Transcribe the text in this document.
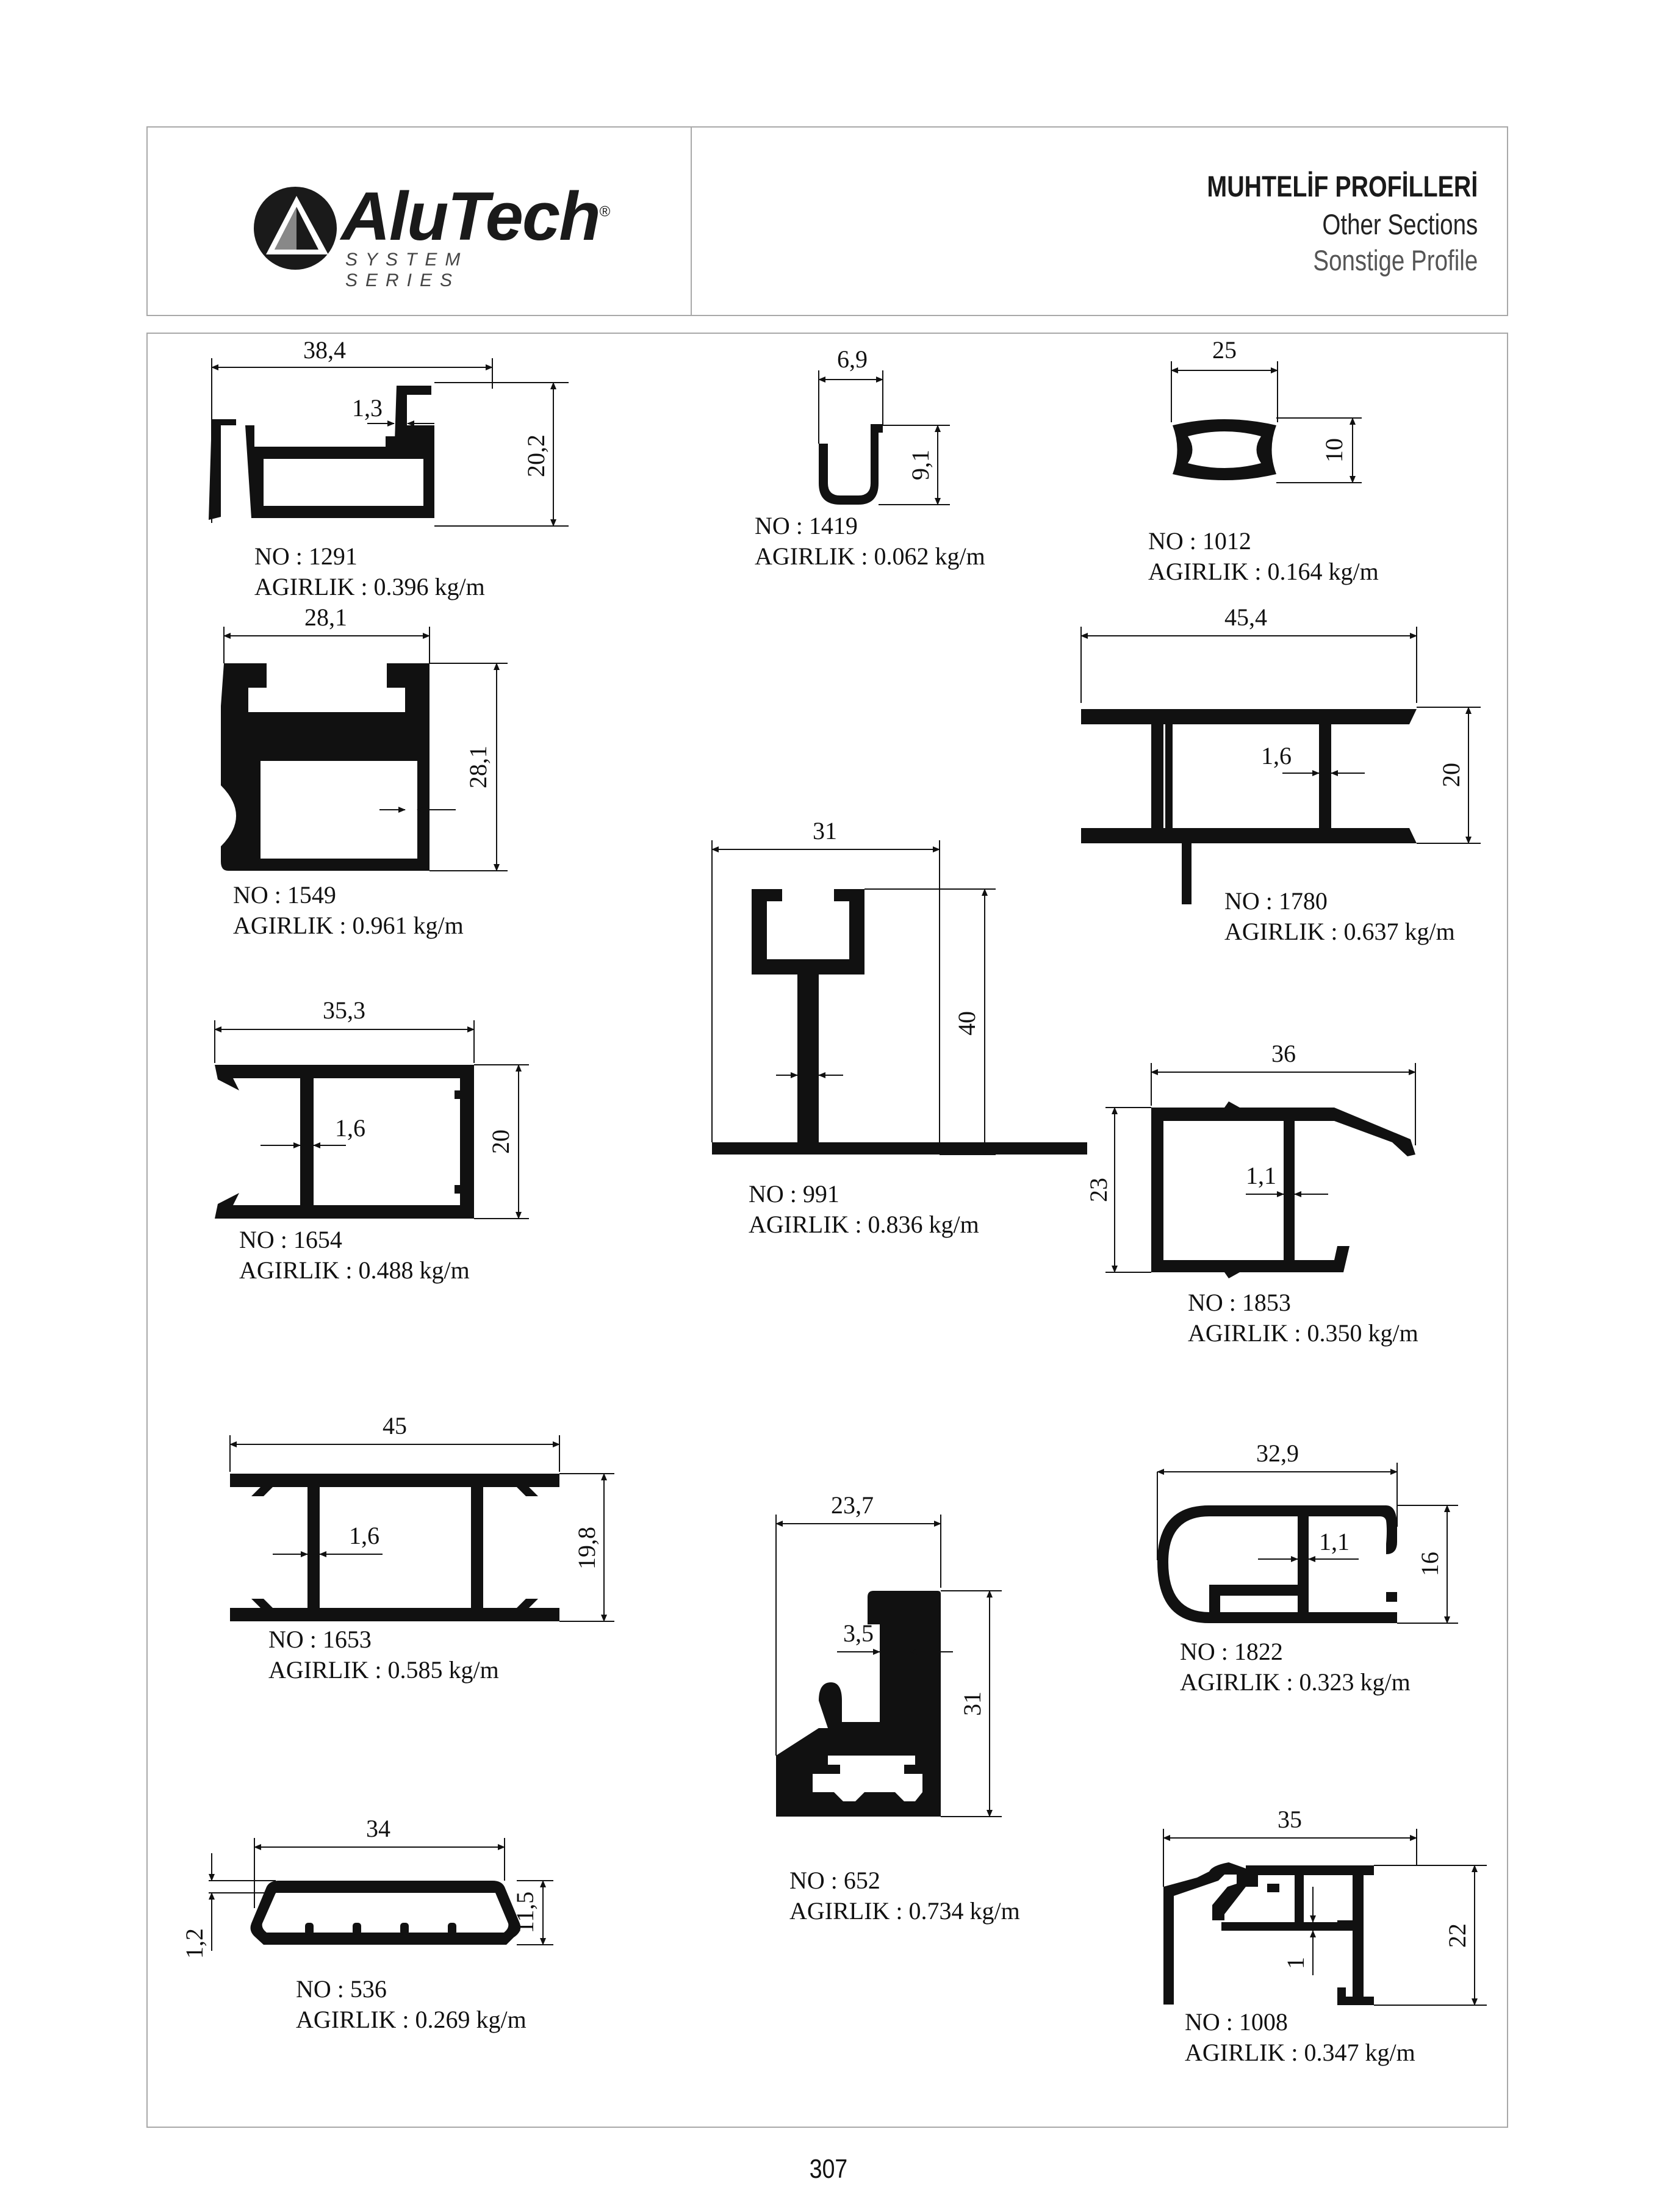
AluTech®
SYSTEM SERIES
MUHTELİF PROFİLLERİ
Other Sections
Sonstige Profile
38,4
1,3
20,2
6,9
9,1
25
10
28,1
28,1
45,4
1,6
20
31
40
35,3
1,6	20
36
1,1
23
45
1,6	19,8
23,7
3,5
31
32,9
1,1
16
34
11,5
1,2
35
1
22
NO : 1291
AGIRLIK : 0.396 kg/m
NO : 1419
AGIRLIK : 0.062 kg/m
NO : 1012
AGIRLIK : 0.164 kg/m
NO : 1549
AGIRLIK : 0.961 kg/m
NO : 1780
AGIRLIK : 0.637 kg/m
NO : 991
AGIRLIK : 0.836 kg/m
NO : 1654
AGIRLIK : 0.488 kg/m
NO : 1853
AGIRLIK : 0.350 kg/m
NO : 1653
AGIRLIK : 0.585 kg/m
NO : 652
AGIRLIK : 0.734 kg/m
NO : 1822
AGIRLIK : 0.323 kg/m
NO : 536
AGIRLIK : 0.269 kg/m	NO : 1008
AGIRLIK : 0.347 kg/m
307
